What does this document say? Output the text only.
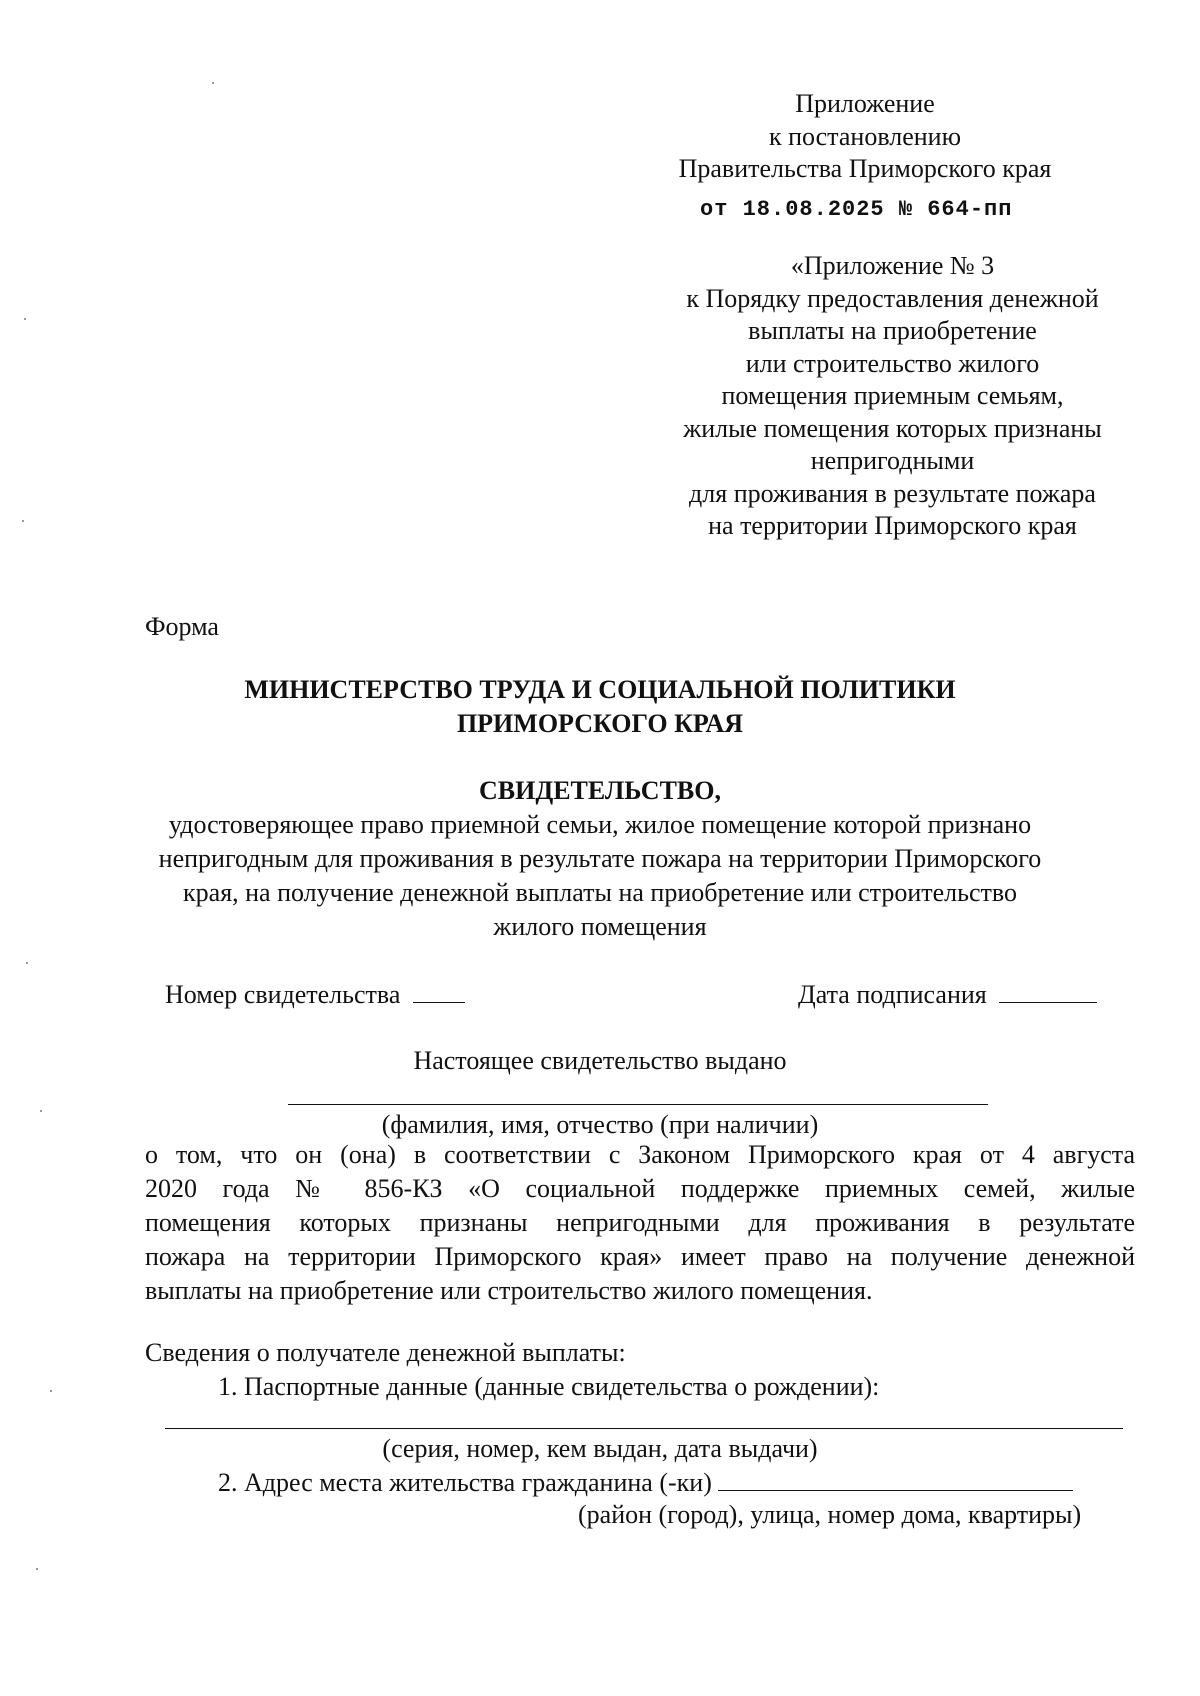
Приложение
к постановлению
Правительства Приморского края
от 18.08.2025 № 664-пп
«Приложение № 3
к Порядку предоставления денежной
выплаты на приобретение
или строительство жилого
помещения приемным семьям,
жилые помещения которых признаны
непригодными
для проживания в результате пожара
на территории Приморского края
Форма
МИНИСТЕРСТВО ТРУДА И СОЦИАЛЬНОЙ ПОЛИТИКИ
ПРИМОРСКОГО КРАЯ
СВИДЕТЕЛЬСТВО,
удостоверяющее право приемной семьи, жилое помещение которой признано
непригодным для проживания в результате пожара на территории Приморского
края, на получение денежной выплаты на приобретение или строительство
жилого помещения
Номер свидетельства	Дата подписания
Настоящее свидетельство выдано
(фамилия, имя, отчество (при наличии)
о том, что он (она) в соответствии с Законом Приморского края от 4 августа
2020 года № 856-КЗ «О социальной поддержке приемных семей, жилые
помещения которых признаны непригодными для проживания в результате
пожара на территории Приморского края» имеет право на получение денежной
выплаты на приобретение или строительство жилого помещения.
Сведения о получателе денежной выплаты:
1. Паспортные данные (данные свидетельства о рождении):
(серия, номер, кем выдан, дата выдачи)
2. Адрес места жительства гражданина (-ки)
(район (город), улица, номер дома, квартиры)
